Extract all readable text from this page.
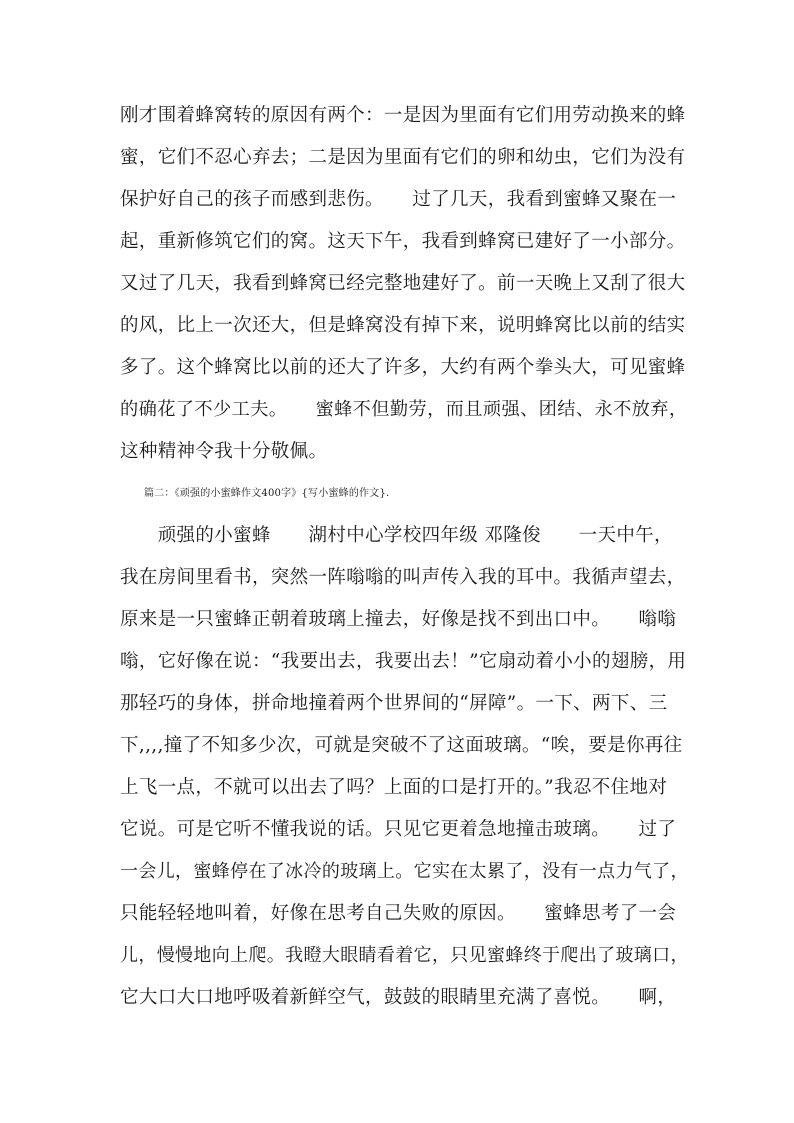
刚才围着蜂窝转的原因有两个：一是因为里面有它们用劳动换来的蜂
蜜，它们不忍心弃去；二是因为里面有它们的卵和幼虫，它们为没有
保护好自己的孩子而感到悲伤。　　过了几天，我看到蜜蜂又聚在一
起，重新修筑它们的窝。这天下午，我看到蜂窝已建好了一小部分。
又过了几天，我看到蜂窝已经完整地建好了。前一天晚上又刮了很大
的风，比上一次还大，但是蜂窝没有掉下来，说明蜂窝比以前的结实
多了。这个蜂窝比以前的还大了许多，大约有两个拳头大，可见蜜蜂
的确花了不少工夫。　　蜜蜂不但勤劳，而且顽强、团结、永不放弃，
这种精神令我十分敬佩。
篇二：《顽强的小蜜蜂作文400字》{写小蜜蜂的作文}.
　　顽强的小蜜蜂　　湖村中心学校四年级 邓隆俊　　一天中午，
我在房间里看书，突然一阵嗡嗡的叫声传入我的耳中。我循声望去，
原来是一只蜜蜂正朝着玻璃上撞去，好像是找不到出口中。　　嗡嗡
嗡，它好像在说：“我要出去，我要出去！”它扇动着小小的翅膀，用
那轻巧的身体，拼命地撞着两个世界间的“屏障”。一下、两下、三
下,,,,撞了不知多少次，可就是突破不了这面玻璃。“唉，要是你再往
上飞一点，不就可以出去了吗？上面的口是打开的。”我忍不住地对
它说。可是它听不懂我说的话。只见它更着急地撞击玻璃。　　过了
一会儿，蜜蜂停在了冰冷的玻璃上。它实在太累了，没有一点力气了，
只能轻轻地叫着，好像在思考自己失败的原因。　　蜜蜂思考了一会
儿，慢慢地向上爬。我瞪大眼睛看着它，只见蜜蜂终于爬出了玻璃口，
它大口大口地呼吸着新鲜空气，鼓鼓的眼睛里充满了喜悦。　　啊，
